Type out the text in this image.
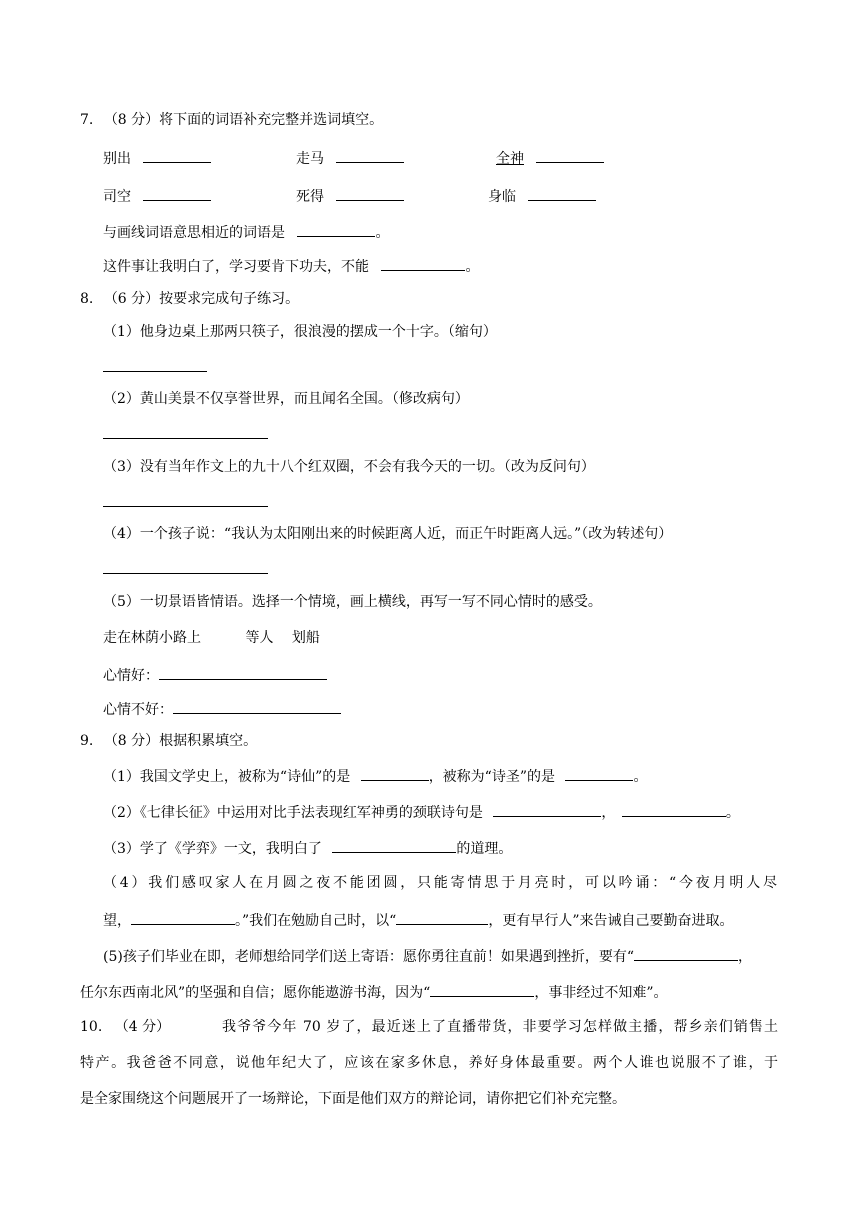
7. （8 分）将下面的词语补充完整并选词填空。
别出	走马	全神
司空	死得	身临
与画线词语意思相近的词语是	。
这件事让我明白了，学习要肯下功夫，不能	。
8. （6 分）按要求完成句子练习。
（1）他身边桌上那两只筷子，很浪漫的摆成一个十字。（缩句）
（2）黄山美景不仅享誉世界，而且闻名全国。（修改病句）
（3）没有当年作文上的九十八个红双圈，不会有我今天的一切。（改为反问句）
（4）一个孩子说：“我认为太阳刚出来的时候距离人近，而正午时距离人远。”（改为转述句）
（5）一切景语皆情语。选择一个情境，画上横线，再写一写不同心情时的感受。
走在林荫小路上	等人 划船
心情好：
心情不好：
9. （8 分）根据积累填空。
（1）我国文学史上，被称为“诗仙”的是	，被称为“诗圣”的是	。
（2）《七律长征》中运用对比手法表现红军神勇的颈联诗句是	，	。
（3）学了《学弈》一文，我明白了	的道理。
（4）我们感叹家人在月圆之夜不能团圆，只能寄情思于月亮时，可以吟诵：“今夜月明人尽
望，	。”我们在勉励自己时，以“	，更有早行人”来告诫自己要勤奋进取。
(5)孩子们毕业在即，老师想给同学们送上寄语：愿你勇往直前！如果遇到挫折，要有“	，
任尔东西南北风”的坚强和自信；愿你能遨游书海，因为“	，事非经过不知难”。
10. （4 分）	我爷爷今年 70 岁了，最近迷上了直播带货，非要学习怎样做主播，帮乡亲们销售土
特产。我爸爸不同意，说他年纪大了，应该在家多休息，养好身体最重要。两个人谁也说服不了谁，于
是全家围绕这个问题展开了一场辩论，下面是他们双方的辩论词，请你把它们补充完整。
